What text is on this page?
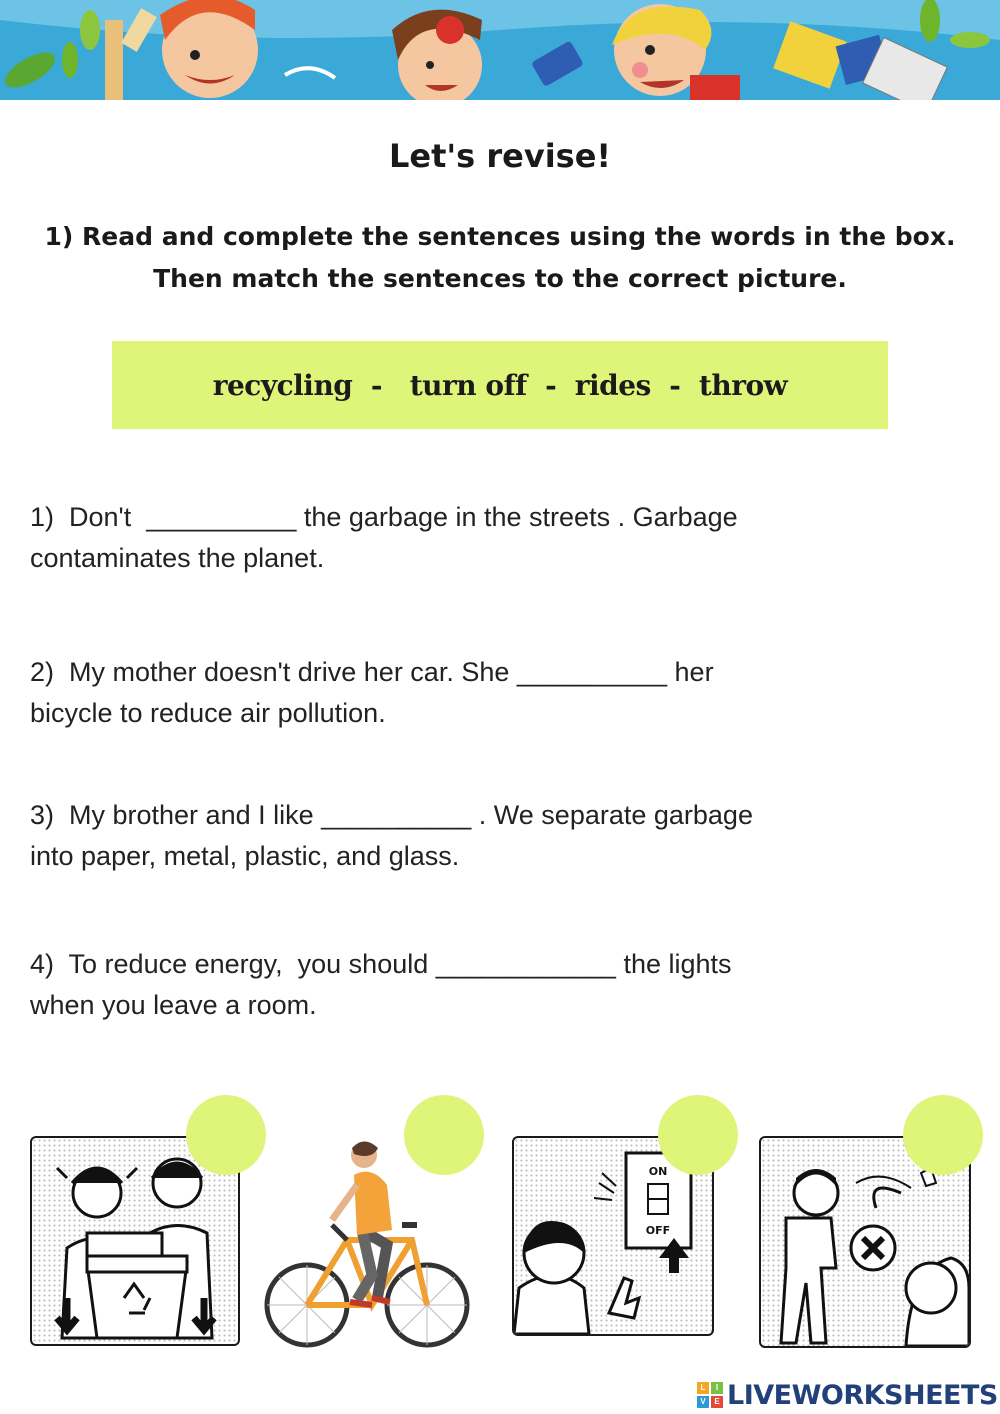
Let's revise!
1) Read and complete the sentences using the words in the box.
Then match the sentences to the correct picture.
recycling  -   turn off  -  rides  -  throw
1)  Don't  __________ the garbage in the streets . Garbage
contaminates the planet.
2)  My mother doesn't drive her car. She __________ her
bicycle to reduce air pollution.
3)  My brother and I like __________ . We separate garbage
into paper, metal, plastic, and glass.
4)  To reduce energy,  you should ____________ the lights
when you leave a room.
ON
OFF
L	I
V	E LIVEWORKSHEETS
